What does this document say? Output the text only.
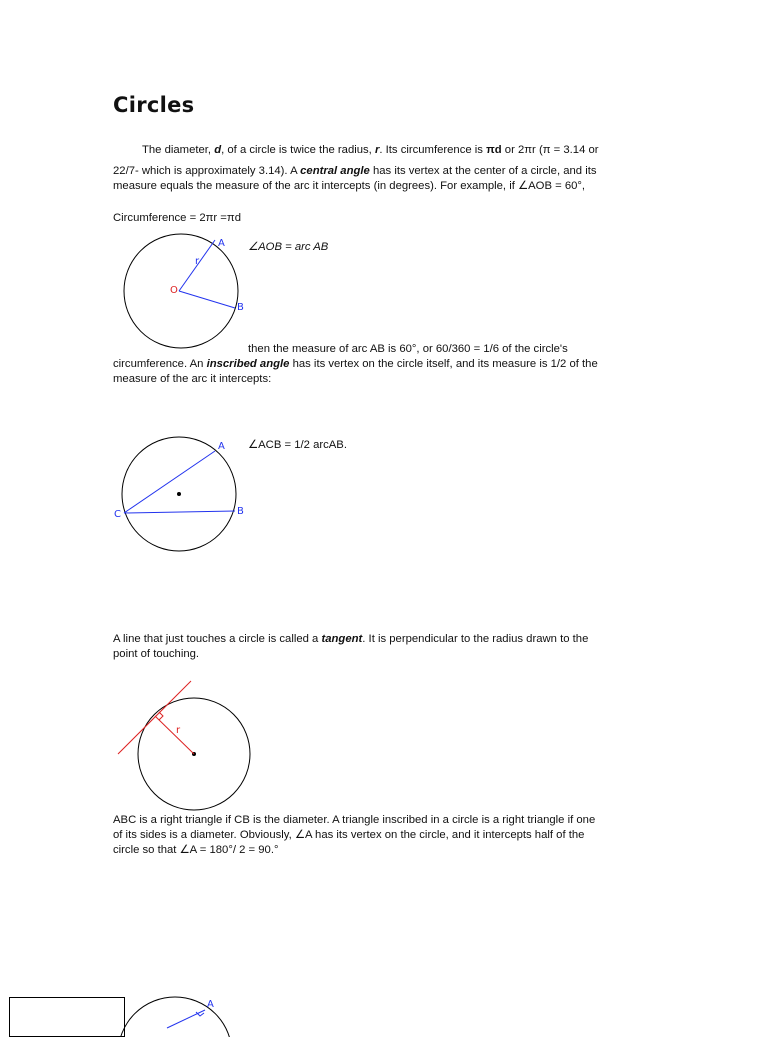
Circles
The diameter, d, of a circle is twice the radius, r. Its circumference is πd or 2πr (π = 3.14 or
22/7- which is approximately 3.14). A central angle has its vertex at the center of a circle, and its
measure equals the measure of the arc it intercepts (in degrees). For example, if ∠AOB = 60°,
Circumference = 2πr =πd
A
B
O
r
∠AOB = arc AB
then the measure of arc AB is 60°, or 60/360 = 1/6 of the circle's
circumference. An inscribed angle has its vertex on the circle itself, and its measure is 1/2 of the
measure of the arc it intercepts:
A
B
C
∠ACB = 1/2 arcAB.
A line that just touches a circle is called a tangent. It is perpendicular to the radius drawn to the
point of touching.
r
ABC is a right triangle if CB is the diameter. A triangle inscribed in a circle is a right triangle if one
of its sides is a diameter. Obviously, ∠A has its vertex on the circle, and it intercepts half of the
circle so that ∠A = 180°/ 2 = 90.°
A
